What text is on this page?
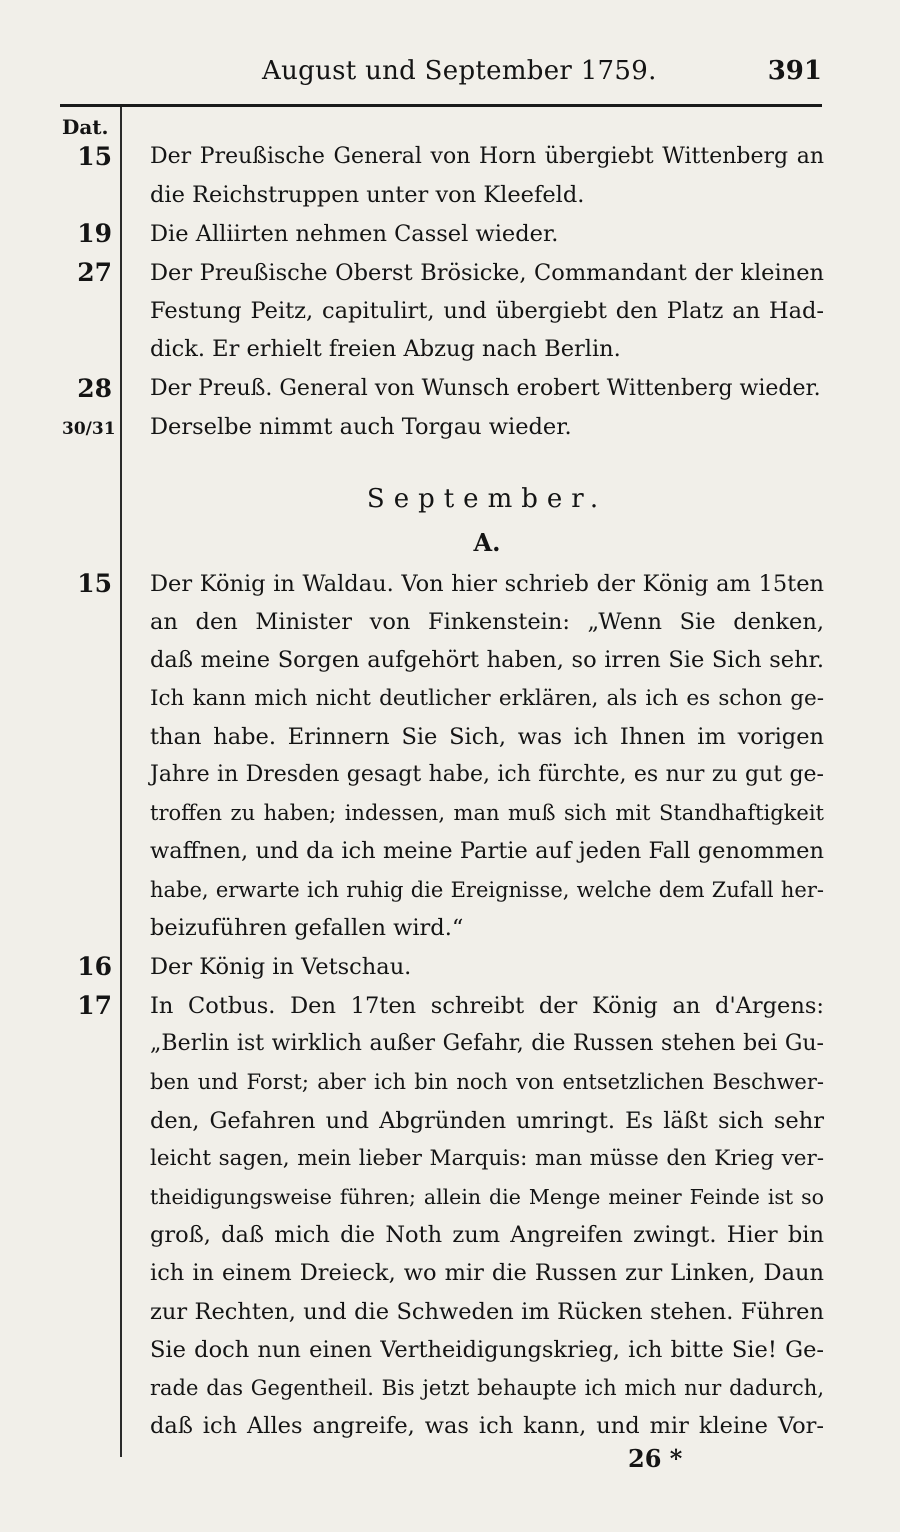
August und September 1759.	391
Dat.
15 Der Preußische General von Horn übergiebt Wittenberg an
die Reichstruppen unter von Kleefeld.
19 Die Alliirten nehmen Cassel wieder.
27 Der Preußische Oberst Brösicke, Commandant der kleinen
Festung Peitz, capitulirt, und übergiebt den Platz an Had-
dick. Er erhielt freien Abzug nach Berlin.
28 Der Preuß. General von Wunsch erobert Wittenberg wieder.
30/31 Derselbe nimmt auch Torgau wieder.
September.
A.
15 Der König in Waldau. Von hier schrieb der König am 15ten
an den Minister von Finkenstein: „Wenn Sie denken,
daß meine Sorgen aufgehört haben, so irren Sie Sich sehr.
Ich kann mich nicht deutlicher erklären, als ich es schon ge-
than habe. Erinnern Sie Sich, was ich Ihnen im vorigen
Jahre in Dresden gesagt habe, ich fürchte, es nur zu gut ge-
troffen zu haben; indessen, man muß sich mit Standhaftigkeit
waffnen, und da ich meine Partie auf jeden Fall genommen
habe, erwarte ich ruhig die Ereignisse, welche dem Zufall her-
beizuführen gefallen wird.“
16 Der König in Vetschau.
17 In Cotbus. Den 17ten schreibt der König an d'Argens:
„Berlin ist wirklich außer Gefahr, die Russen stehen bei Gu-
ben und Forst; aber ich bin noch von entsetzlichen Beschwer-
den, Gefahren und Abgründen umringt. Es läßt sich sehr
leicht sagen, mein lieber Marquis: man müsse den Krieg ver-
theidigungsweise führen; allein die Menge meiner Feinde ist so
groß, daß mich die Noth zum Angreifen zwingt. Hier bin
ich in einem Dreieck, wo mir die Russen zur Linken, Daun
zur Rechten, und die Schweden im Rücken stehen. Führen
Sie doch nun einen Vertheidigungskrieg, ich bitte Sie! Ge-
rade das Gegentheil. Bis jetzt behaupte ich mich nur dadurch,
daß ich Alles angreife, was ich kann, und mir kleine Vor-
26 *
